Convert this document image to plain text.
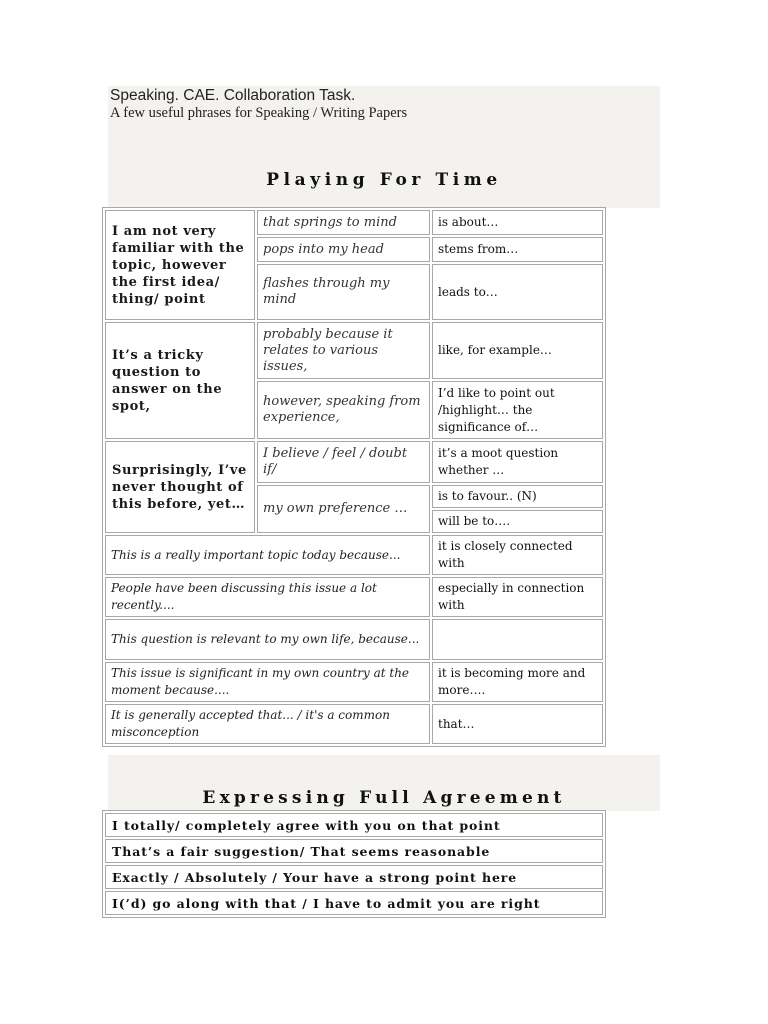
Speaking. CAE. Collaboration Task.
A few useful phrases for Speaking / Writing Papers
Playing For Time
I am not very familiar with the topic, however the first idea/ thing/ point	that springs to mind	is about…
	pops into my head	stems from…
	flashes through my mind	leads to…
It’s a tricky question to answer on the spot,	probably because it relates to various issues,	like, for example…
	however, speaking from experience,	I’d like to point out /highlight… the significance of…
Surprisingly, I’ve never thought of this before, yet…	I believe / feel / doubt if/	it’s a moot question whether …
	my own preference …	is to favour.. (N)
		will be to….
This is a really important topic today because...		it is closely connected with
People have been discussing this issue a lot recently....		especially in connection with
This question is relevant to my own life, because...		
This issue is significant in my own country at the moment because....		it is becoming more and more….
It is generally accepted that... / it's a common misconception		that…
Expressing Full Agreement
I totally/ completely agree with you on that point
That’s a fair suggestion/ That seems reasonable
Exactly / Absolutely / Your have a strong point here
I(’d) go along with that / I have to admit you are right
